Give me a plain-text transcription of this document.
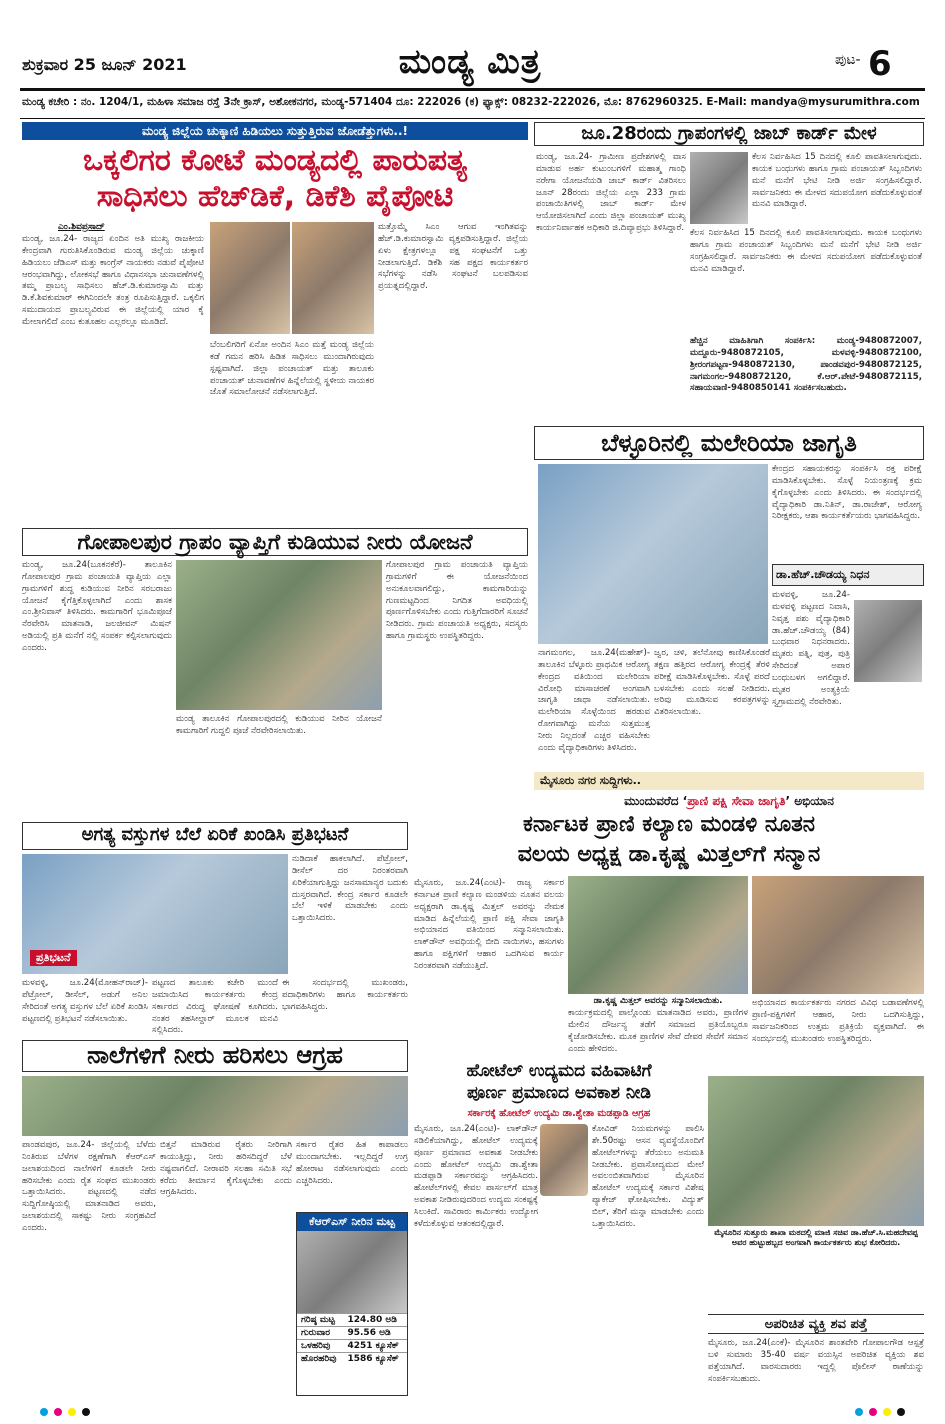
ಶುಕ್ರವಾರ 25 ಜೂನ್ 2021	ಮಂಡ್ಯ ಮಿತ್ರ	ಪುಟ- 6
ಮಂಡ್ಯ ಕಚೇರಿ : ನಂ. 1204/1, ಮಹಿಳಾ ಸಮಾಜ ರಸ್ತೆ 3ನೇ ಕ್ರಾಸ್, ಅಶೋಕನಗರ, ಮಂಡ್ಯ-571404 ದೂ: 222026 (ಕ) ಫ್ಯಾಕ್ಸ್: 08232-222026, ಮೊ: 8762960325. E-Mail: mandya@mysurumithra.com
ಮಂಡ್ಯ ಜಿಲ್ಲೆಯ ಚುಕ್ಕಾಣಿ ಹಿಡಿಯಲು ಸುತ್ತುತ್ತಿರುವ ಜೋಡೆತ್ತುಗಳು..!
ಒಕ್ಕಲಿಗರ ಕೋಟೆ ಮಂಡ್ಯದಲ್ಲಿ ಪಾರುಪತ್ಯ
ಸಾಧಿಸಲು ಹೆಚ್‌ಡಿಕೆ, ಡಿಕೆಶಿ ಪೈಪೋಟಿ
ಎಂ.ಶಿವಪ್ರಸಾದ್
ಮಂಡ್ಯ, ಜೂ.24- ರಾಜ್ಯದ ಏಂದಿನ ಅತಿ ಮುಖ್ಯ ರಾಜಕೀಯ ಕೇಂದ್ರವಾಗಿ ಗುರುತಿಸಿಕೊಂಡಿರುವ ಮಂಡ್ಯ ಜಿಲ್ಲೆಯ ಚುಕ್ಕಾಣಿ ಹಿಡಿಯಲು ಜೆಡಿಎಸ್ ಮತ್ತು ಕಾಂಗ್ರೆಸ್ ನಾಯಕರು ನಡುವೆ ಪೈಪೋಟಿ ಆರಂಭವಾಗಿದ್ದು, ಲೋಕಸಭೆ ಹಾಗೂ ವಿಧಾನಸಭಾ ಚುನಾವಣೆಗಳಲ್ಲಿ ತಮ್ಮ ಪ್ರಾಬಲ್ಯ ಸಾಧಿಸಲು ಹೆಚ್.ಡಿ.ಕುಮಾರಸ್ವಾಮಿ ಮತ್ತು ಡಿ.ಕೆ.ಶಿವಕುಮಾರ್ ಈಗಿನಿಂದಲೇ ತಂತ್ರ ರೂಪಿಸುತ್ತಿದ್ದಾರೆ. ಒಕ್ಕಲಿಗ ಸಮುದಾಯದ ಪ್ರಾಬಲ್ಯವಿರುವ ಈ ಜಿಲ್ಲೆಯಲ್ಲಿ ಯಾರ ಕೈ ಮೇಲಾಗಲಿದೆ ಎಂಬ ಕುತೂಹಲ ಎಲ್ಲರಲ್ಲೂ ಮೂಡಿದೆ.
ಮತ್ತೊಮ್ಮೆ ಸಿಎಂ ಆಗುವ ಇಂಗಿತವನ್ನು ಹೆಚ್.ಡಿ.ಕುಮಾರಸ್ವಾಮಿ ವ್ಯಕ್ತಪಡಿಸುತ್ತಿದ್ದಾರೆ. ಜಿಲ್ಲೆಯ ಏಳು ಕ್ಷೇತ್ರಗಳಲ್ಲೂ ಪಕ್ಷ ಸಂಘಟನೆಗೆ ಒತ್ತು ನೀಡಲಾಗುತ್ತಿದೆ. ಡಿಕೆಶಿ ಸಹ ಪಕ್ಷದ ಕಾರ್ಯಕರ್ತರ ಸಭೆಗಳನ್ನು ನಡೆಸಿ ಸಂಘಟನೆ ಬಲಪಡಿಸುವ ಪ್ರಯತ್ನದಲ್ಲಿದ್ದಾರೆ.
ಬೆಂಬಲಿಗರಿಗೆ ಏನೋ ಅಂದಿನ ಸಿಎಂ ಮತ್ತೆ ಮಂಡ್ಯ ಜಿಲ್ಲೆಯ ಕಡೆ ಗಮನ ಹರಿಸಿ ಹಿಡಿತ ಸಾಧಿಸಲು ಮುಂದಾಗಿರುವುದು ಸ್ಪಷ್ಟವಾಗಿದೆ. ಜಿಲ್ಲಾ ಪಂಚಾಯತ್ ಮತ್ತು ತಾಲೂಕು ಪಂಚಾಯತ್ ಚುನಾವಣೆಗಳ ಹಿನ್ನೆಲೆಯಲ್ಲಿ ಸ್ಥಳೀಯ ನಾಯಕರ ಜೊತೆ ಸಮಾಲೋಚನೆ ನಡೆಸಲಾಗುತ್ತಿದೆ.
ಜೂ.28ರಂದು ಗ್ರಾಪಂಗಳಲ್ಲಿ ಜಾಬ್ ಕಾರ್ಡ್ ಮೇಳ
ಮಂಡ್ಯ, ಜೂ.24- ಗ್ರಾಮೀಣ ಪ್ರದೇಶಗಳಲ್ಲಿ ವಾಸ ಮಾಡುವ ಅರ್ಹ ಕುಟುಂಬಗಳಿಗೆ ಮಹಾತ್ಮ ಗಾಂಧಿ ನರೇಗಾ ಯೋಜನೆಯಡಿ ಜಾಬ್ ಕಾರ್ಡ್ ವಿತರಿಸಲು ಜೂನ್ 28ರಂದು ಜಿಲ್ಲೆಯ ಎಲ್ಲಾ 233 ಗ್ರಾಮ ಪಂಚಾಯಿತಿಗಳಲ್ಲಿ ಜಾಬ್ ಕಾರ್ಡ್ ಮೇಳ ಆಯೋಜಿಸಲಾಗಿದೆ ಎಂದು ಜಿಲ್ಲಾ ಪಂಚಾಯತ್ ಮುಖ್ಯ ಕಾರ್ಯನಿರ್ವಾಹಕ ಅಧಿಕಾರಿ ಜಿ.ದಿವ್ಯಾಪ್ರಭು ತಿಳಿಸಿದ್ದಾರೆ. ಕೆಲಸ ನಿರ್ವಹಿಸಿದ 15 ದಿನದಲ್ಲಿ ಕೂಲಿ ಪಾವತಿಸಲಾಗುವುದು. ಕಾಯಕ ಬಂಧುಗಳು ಹಾಗೂ ಗ್ರಾಮ ಪಂಚಾಯತ್ ಸಿಬ್ಬಂದಿಗಳು ಮನೆ ಮನೆಗೆ ಭೇಟಿ ನೀಡಿ ಅರ್ಜಿ ಸಂಗ್ರಹಿಸಲಿದ್ದಾರೆ. ಸಾರ್ವಜನಿಕರು ಈ ಮೇಳದ ಸದುಪಯೋಗ ಪಡೆದುಕೊಳ್ಳುವಂತೆ ಮನವಿ ಮಾಡಿದ್ದಾರೆ.
ಕೆಲಸ ನಿರ್ವಹಿಸಿದ 15 ದಿನದಲ್ಲಿ ಕೂಲಿ ಪಾವತಿಸಲಾಗುವುದು. ಕಾಯಕ ಬಂಧುಗಳು ಹಾಗೂ ಗ್ರಾಮ ಪಂಚಾಯತ್ ಸಿಬ್ಬಂದಿಗಳು ಮನೆ ಮನೆಗೆ ಭೇಟಿ ನೀಡಿ ಅರ್ಜಿ ಸಂಗ್ರಹಿಸಲಿದ್ದಾರೆ. ಸಾರ್ವಜನಿಕರು ಈ ಮೇಳದ ಸದುಪಯೋಗ ಪಡೆದುಕೊಳ್ಳುವಂತೆ ಮನವಿ ಮಾಡಿದ್ದಾರೆ.
ಹೆಚ್ಚಿನ ಮಾಹಿತಿಗಾಗಿ ಸಂಪರ್ಕಿಸಿ: ಮಂಡ್ಯ-9480872007, ಮದ್ದೂರು-9480872105, ಮಳವಳ್ಳಿ-9480872100, ಶ್ರೀರಂಗಪಟ್ಟಣ-9480872130, ಪಾಂಡವಪುರ-9480872125, ನಾಗಮಂಗಲ-9480872120, ಕೆ.ಆರ್.ಪೇಟೆ-9480872115, ಸಹಾಯವಾಣಿ-9480850141 ಸಂಪರ್ಕಿಸಬಹುದು.
ಬೆಳ್ಳೂರಿನಲ್ಲಿ ಮಲೇರಿಯಾ ಜಾಗೃತಿ
ಕೇಂದ್ರದ ಸಹಾಯಕರನ್ನು ಸಂಪರ್ಕಿಸಿ ರಕ್ತ ಪರೀಕ್ಷೆ ಮಾಡಿಸಿಕೊಳ್ಳಬೇಕು. ಸೊಳ್ಳೆ ನಿಯಂತ್ರಣಕ್ಕೆ ಕ್ರಮ ಕೈಗೊಳ್ಳಬೇಕು ಎಂದು ತಿಳಿಸಿದರು. ಈ ಸಂದರ್ಭದಲ್ಲಿ ವೈದ್ಯಾಧಿಕಾರಿ ಡಾ.ನಿತಿನ್, ಡಾ.ರಾಜೇಶ್, ಆರೋಗ್ಯ ನಿರೀಕ್ಷಕರು, ಆಶಾ ಕಾರ್ಯಕರ್ತೆಯರು ಭಾಗವಹಿಸಿದ್ದರು.
ನಾಗಮಂಗಲ, ಜೂ.24(ಮಹೇಶ್)- ತಾಲೂಕಿನ ಬೆಳ್ಳೂರು ಪ್ರಾಥಮಿಕ ಆರೋಗ್ಯ ಕೇಂದ್ರದ ವತಿಯಿಂದ ಮಲೇರಿಯಾ ವಿರೋಧಿ ಮಾಸಾಚರಣೆ ಅಂಗವಾಗಿ ಜಾಗೃತಿ ಜಾಥಾ ನಡೆಸಲಾಯಿತು. ಮಲೇರಿಯಾ ಸೊಳ್ಳೆಯಿಂದ ಹರಡುವ ರೋಗವಾಗಿದ್ದು ಮನೆಯ ಸುತ್ತಮುತ್ತ ನೀರು ನಿಲ್ಲದಂತೆ ಎಚ್ಚರ ವಹಿಸಬೇಕು ಎಂದು ವೈದ್ಯಾಧಿಕಾರಿಗಳು ತಿಳಿಸಿದರು.
ಜ್ವರ, ಚಳಿ, ತಲೆನೋವು ಕಾಣಿಸಿಕೊಂಡರೆ ತಕ್ಷಣ ಹತ್ತಿರದ ಆರೋಗ್ಯ ಕೇಂದ್ರಕ್ಕೆ ತೆರಳಿ ಪರೀಕ್ಷೆ ಮಾಡಿಸಿಕೊಳ್ಳಬೇಕು. ಸೊಳ್ಳೆ ಪರದೆ ಬಳಸಬೇಕು ಎಂದು ಸಲಹೆ ನೀಡಿದರು. ಅರಿವು ಮೂಡಿಸುವ ಕರಪತ್ರಗಳನ್ನು ವಿತರಿಸಲಾಯಿತು.
ಡಾ.ಹೆಚ್.ಚೌಡಯ್ಯ ನಿಧನ
ಮಳವಳ್ಳಿ, ಜೂ.24- ಮಳವಳ್ಳಿ ಪಟ್ಟಣದ ನಿವಾಸಿ, ನಿವೃತ್ತ ಪಶು ವೈದ್ಯಾಧಿಕಾರಿ ಡಾ.ಹೆಚ್.ಚೌಡಯ್ಯ (84) ಬುಧವಾರ ನಿಧನರಾದರು. ಮೃತರು ಪತ್ನಿ, ಪುತ್ರ, ಪುತ್ರಿ ಸೇರಿದಂತೆ ಅಪಾರ ಬಂಧುಬಳಗ ಅಗಲಿದ್ದಾರೆ. ಮೃತರ ಅಂತ್ಯಕ್ರಿಯೆ ಸ್ವಗ್ರಾಮದಲ್ಲಿ ನೆರವೇರಿತು.
ಗೋಪಾಲಪುರ ಗ್ರಾಪಂ ವ್ಯಾಪ್ತಿಗೆ ಕುಡಿಯುವ ನೀರು ಯೋಜನೆ
ಮಂಡ್ಯ, ಜೂ.24(ಬೂಕನಕೆರೆ)- ತಾಲೂಕಿನ ಗೋಪಾಲಪುರ ಗ್ರಾಮ ಪಂಚಾಯತಿ ವ್ಯಾಪ್ತಿಯ ಎಲ್ಲಾ ಗ್ರಾಮಗಳಿಗೆ ಶುದ್ಧ ಕುಡಿಯುವ ನೀರಿನ ಸರಬರಾಜು ಯೋಜನೆ ಕೈಗೆತ್ತಿಕೊಳ್ಳಲಾಗಿದೆ ಎಂದು ಶಾಸಕ ಎಂ.ಶ್ರೀನಿವಾಸ್ ತಿಳಿಸಿದರು. ಕಾಮಗಾರಿಗೆ ಭೂಮಿಪೂಜೆ ನೆರವೇರಿಸಿ ಮಾತನಾಡಿ, ಜಲಜೀವನ್ ಮಿಷನ್ ಅಡಿಯಲ್ಲಿ ಪ್ರತಿ ಮನೆಗೆ ನಲ್ಲಿ ಸಂಪರ್ಕ ಕಲ್ಪಿಸಲಾಗುವುದು ಎಂದರು.
ಮಂಡ್ಯ ತಾಲೂಕಿನ ಗೋಪಾಲಪುರದಲ್ಲಿ ಕುಡಿಯುವ ನೀರಿನ ಯೋಜನೆ ಕಾಮಗಾರಿಗೆ ಗುದ್ದಲಿ ಪೂಜೆ ನೆರವೇರಿಸಲಾಯಿತು.
ಗೋಪಾಲಪುರ ಗ್ರಾಮ ಪಂಚಾಯತಿ ವ್ಯಾಪ್ತಿಯ ಗ್ರಾಮಗಳಿಗೆ ಈ ಯೋಜನೆಯಿಂದ ಅನುಕೂಲವಾಗಲಿದ್ದು, ಕಾಮಗಾರಿಯನ್ನು ಗುಣಮಟ್ಟದಿಂದ ನಿಗದಿತ ಅವಧಿಯಲ್ಲಿ ಪೂರ್ಣಗೊಳಿಸಬೇಕು ಎಂದು ಗುತ್ತಿಗೆದಾರರಿಗೆ ಸೂಚನೆ ನೀಡಿದರು. ಗ್ರಾಮ ಪಂಚಾಯತಿ ಅಧ್ಯಕ್ಷರು, ಸದಸ್ಯರು ಹಾಗೂ ಗ್ರಾಮಸ್ಥರು ಉಪಸ್ಥಿತರಿದ್ದರು.
ಮೈಸೂರು ನಗರ ಸುದ್ದಿಗಳು..
ಮುಂದುವರೆದ ‘ಪ್ರಾಣಿ ಪಕ್ಷಿ ಸೇವಾ ಜಾಗೃತಿ’ ಅಭಿಯಾನ
ಕರ್ನಾಟಕ ಪ್ರಾಣಿ ಕಲ್ಯಾಣ ಮಂಡಳಿ ನೂತನ
ವಲಯ ಅಧ್ಯಕ್ಷ ಡಾ.ಕೃಷ್ಣ ಮಿತ್ತಲ್‌ಗೆ ಸನ್ಮಾನ
ಮೈಸೂರು, ಜೂ.24(ಎಂಟಿ)- ರಾಜ್ಯ ಸರ್ಕಾರ ಕರ್ನಾಟಕ ಪ್ರಾಣಿ ಕಲ್ಯಾಣ ಮಂಡಳಿಯ ನೂತನ ವಲಯ ಅಧ್ಯಕ್ಷರಾಗಿ ಡಾ.ಕೃಷ್ಣ ಮಿತ್ತಲ್ ಅವರನ್ನು ನೇಮಕ ಮಾಡಿದ ಹಿನ್ನೆಲೆಯಲ್ಲಿ ಪ್ರಾಣಿ ಪಕ್ಷಿ ಸೇವಾ ಜಾಗೃತಿ ಅಭಿಯಾನದ ವತಿಯಿಂದ ಸನ್ಮಾನಿಸಲಾಯಿತು. ಲಾಕ್‌ಡೌನ್ ಅವಧಿಯಲ್ಲಿ ಬೀದಿ ನಾಯಿಗಳು, ಹಸುಗಳು ಹಾಗೂ ಪಕ್ಷಿಗಳಿಗೆ ಆಹಾರ ಒದಗಿಸುವ ಕಾರ್ಯ ನಿರಂತರವಾಗಿ ನಡೆಯುತ್ತಿದೆ.
ಡಾ.ಕೃಷ್ಣ ಮಿತ್ತಲ್ ಅವರನ್ನು ಸನ್ಮಾನಿಸಲಾಯಿತು.
ಕಾರ್ಯಕ್ರಮದಲ್ಲಿ ಪಾಲ್ಗೊಂಡು ಮಾತನಾಡಿದ ಅವರು, ಪ್ರಾಣಿಗಳ ಮೇಲಿನ ದೌರ್ಜನ್ಯ ತಡೆಗೆ ಸಮಾಜದ ಪ್ರತಿಯೊಬ್ಬರೂ ಕೈಜೋಡಿಸಬೇಕು. ಮೂಕ ಪ್ರಾಣಿಗಳ ಸೇವೆ ದೇವರ ಸೇವೆಗೆ ಸಮಾನ ಎಂದು ಹೇಳಿದರು.
ಅಭಿಯಾನದ ಕಾರ್ಯಕರ್ತರು ನಗರದ ವಿವಿಧ ಬಡಾವಣೆಗಳಲ್ಲಿ ಪ್ರಾಣಿ-ಪಕ್ಷಿಗಳಿಗೆ ಆಹಾರ, ನೀರು ಒದಗಿಸುತ್ತಿದ್ದು, ಸಾರ್ವಜನಿಕರಿಂದ ಉತ್ತಮ ಪ್ರತಿಕ್ರಿಯೆ ವ್ಯಕ್ತವಾಗಿದೆ. ಈ ಸಂದರ್ಭದಲ್ಲಿ ಮುಖಂಡರು ಉಪಸ್ಥಿತರಿದ್ದರು.
ಅಗತ್ಯ ವಸ್ತುಗಳ ಬೆಲೆ ಏರಿಕೆ ಖಂಡಿಸಿ ಪ್ರತಿಭಟನೆ
ಪ್ರತಿಭಟನೆ
ನುಡಿದಾಕೆ ಹಾಕಲಾಗಿದೆ. ಪೆಟ್ರೋಲ್, ಡೀಸೆಲ್ ದರ ನಿರಂತರವಾಗಿ ಏರಿಕೆಯಾಗುತ್ತಿದ್ದು ಜನಸಾಮಾನ್ಯರ ಬದುಕು ದುಸ್ತರವಾಗಿದೆ. ಕೇಂದ್ರ ಸರ್ಕಾರ ಕೂಡಲೇ ಬೆಲೆ ಇಳಿಕೆ ಮಾಡಬೇಕು ಎಂದು ಒತ್ತಾಯಿಸಿದರು.
ಮಳವಳ್ಳಿ, ಜೂ.24(ಮೋಹನ್‌ರಾಜ್)- ಪೆಟ್ರೋಲ್, ಡೀಸೆಲ್, ಅಡುಗೆ ಅನಿಲ ಸೇರಿದಂತೆ ಅಗತ್ಯ ವಸ್ತುಗಳ ಬೆಲೆ ಏರಿಕೆ ಖಂಡಿಸಿ ಪಟ್ಟಣದಲ್ಲಿ ಪ್ರತಿಭಟನೆ ನಡೆಸಲಾಯಿತು.
ಪಟ್ಟಣದ ತಾಲೂಕು ಕಚೇರಿ ಮುಂದೆ ಜಮಾಯಿಸಿದ ಕಾರ್ಯಕರ್ತರು ಕೇಂದ್ರ ಸರ್ಕಾರದ ವಿರುದ್ಧ ಘೋಷಣೆ ಕೂಗಿದರು. ನಂತರ ತಹಸೀಲ್ದಾರ್ ಮೂಲಕ ಮನವಿ ಸಲ್ಲಿಸಿದರು.
ಈ ಸಂದರ್ಭದಲ್ಲಿ ಮುಖಂಡರು, ಪದಾಧಿಕಾರಿಗಳು ಹಾಗೂ ಕಾರ್ಯಕರ್ತರು ಭಾಗವಹಿಸಿದ್ದರು.
ನಾಲೆಗಳಿಗೆ ನೀರು ಹರಿಸಲು ಆಗ್ರಹ
ಪಾಂಡವಪುರ, ಜೂ.24- ಜಿಲ್ಲೆಯಲ್ಲಿ ಬೆಳೆದು ನಿಂತಿರುವ ಬೆಳೆಗಳ ರಕ್ಷಣೆಗಾಗಿ ಕೆಆರ್‌ಎಸ್ ಜಲಾಶಯದಿಂದ ನಾಲೆಗಳಿಗೆ ಕೂಡಲೇ ನೀರು ಹರಿಸಬೇಕು ಎಂದು ರೈತ ಸಂಘದ ಮುಖಂಡರು ಒತ್ತಾಯಿಸಿದರು. ಪಟ್ಟಣದಲ್ಲಿ ನಡೆದ ಸುದ್ದಿಗೋಷ್ಠಿಯಲ್ಲಿ ಮಾತನಾಡಿದ ಅವರು, ಜಲಾಶಯದಲ್ಲಿ ಸಾಕಷ್ಟು ನೀರು ಸಂಗ್ರಹವಿದೆ ಎಂದರು.
ಬಿತ್ತನೆ ಮಾಡಿರುವ ರೈತರು ನೀರಿಗಾಗಿ ಕಾಯುತ್ತಿದ್ದು, ನೀರು ಹರಿಸದಿದ್ದರೆ ಬೆಳೆ ನಷ್ಟವಾಗಲಿದೆ. ನೀರಾವರಿ ಸಲಹಾ ಸಮಿತಿ ಸಭೆ ಕರೆದು ತೀರ್ಮಾನ ಕೈಗೊಳ್ಳಬೇಕು ಎಂದು ಆಗ್ರಹಿಸಿದರು.
ಸರ್ಕಾರ ರೈತರ ಹಿತ ಕಾಪಾಡಲು ಮುಂದಾಗಬೇಕು. ಇಲ್ಲದಿದ್ದರೆ ಉಗ್ರ ಹೋರಾಟ ನಡೆಸಲಾಗುವುದು ಎಂದು ಎಚ್ಚರಿಸಿದರು.
ಕೆಆರ್‌ಎಸ್ ನೀರಿನ ಮಟ್ಟ
ಗರಿಷ್ಠ ಮಟ್ಟ	124.80 ಅಡಿ
ಗುರುವಾರ	95.56 ಅಡಿ
ಒಳಹರಿವು	4251 ಕ್ಯೂಸೆಕ್
ಹೊರಹರಿವು	1586 ಕ್ಯೂಸೆಕ್
ಹೋಟೆಲ್ ಉದ್ಯಮದ ವಹಿವಾಟಿಗೆ
ಪೂರ್ಣ ಪ್ರಮಾಣದ ಅವಕಾಶ ನೀಡಿ
ಸರ್ಕಾರಕ್ಕೆ ಹೋಟೆಲ್ ಉದ್ಯಮಿ ಡಾ.ಶ್ವೇತಾ ಮಡಪ್ಪಾಡಿ ಆಗ್ರಹ
ಮೈಸೂರು, ಜೂ.24(ಎಂಟಿ)- ಲಾಕ್‌ಡೌನ್ ಸಡಿಲಿಕೆಯಾಗಿದ್ದು, ಹೋಟೆಲ್ ಉದ್ಯಮಕ್ಕೆ ಪೂರ್ಣ ಪ್ರಮಾಣದ ಅವಕಾಶ ನೀಡಬೇಕು ಎಂದು ಹೋಟೆಲ್ ಉದ್ಯಮಿ ಡಾ.ಶ್ವೇತಾ ಮಡಪ್ಪಾಡಿ ಸರ್ಕಾರವನ್ನು ಆಗ್ರಹಿಸಿದರು. ಹೋಟೆಲ್‌ಗಳಲ್ಲಿ ಕೇವಲ ಪಾರ್ಸಲ್‌ಗೆ ಮಾತ್ರ ಅವಕಾಶ ನೀಡಿರುವುದರಿಂದ ಉದ್ಯಮ ಸಂಕಷ್ಟಕ್ಕೆ ಸಿಲುಕಿದೆ. ಸಾವಿರಾರು ಕಾರ್ಮಿಕರು ಉದ್ಯೋಗ ಕಳೆದುಕೊಳ್ಳುವ ಆತಂಕದಲ್ಲಿದ್ದಾರೆ.
ಕೋವಿಡ್ ನಿಯಮಗಳನ್ನು ಪಾಲಿಸಿ ಶೇ.50ರಷ್ಟು ಆಸನ ವ್ಯವಸ್ಥೆಯೊಂದಿಗೆ ಹೋಟೆಲ್‌ಗಳನ್ನು ತೆರೆಯಲು ಅನುಮತಿ ನೀಡಬೇಕು. ಪ್ರವಾಸೋದ್ಯಮದ ಮೇಲೆ ಅವಲಂಬಿತವಾಗಿರುವ ಮೈಸೂರಿನ ಹೋಟೆಲ್ ಉದ್ಯಮಕ್ಕೆ ಸರ್ಕಾರ ವಿಶೇಷ ಪ್ಯಾಕೇಜ್ ಘೋಷಿಸಬೇಕು. ವಿದ್ಯುತ್ ಬಿಲ್, ತೆರಿಗೆ ಮನ್ನಾ ಮಾಡಬೇಕು ಎಂದು ಒತ್ತಾಯಿಸಿದರು.
ಮೈಸೂರಿನ ಸುತ್ತೂರು ಶಾಖಾ ಮಠದಲ್ಲಿ ಮಾಜಿ ಸಚಿವ ಡಾ.ಹೆಚ್.ಸಿ.ಮಹದೇವಪ್ಪ ಅವರ ಹುಟ್ಟುಹಬ್ಬದ ಅಂಗವಾಗಿ ಕಾರ್ಯಕರ್ತರು ಶುಭ ಕೋರಿದರು.
ಅಪರಿಚಿತ ವ್ಯಕ್ತಿ ಶವ ಪತ್ತೆ
ಮೈಸೂರು, ಜೂ.24(ಎಂಕೆ)- ಮೈಸೂರಿನ ಶಾಂತವೇರಿ ಗೋಪಾಲಗೌಡ ಆಸ್ಪತ್ರೆ ಬಳಿ ಸುಮಾರು 35-40 ವರ್ಷ ವಯಸ್ಸಿನ ಅಪರಿಚಿತ ವ್ಯಕ್ತಿಯ ಶವ ಪತ್ತೆಯಾಗಿದೆ. ವಾರಸುದಾರರು ಇದ್ದಲ್ಲಿ ಪೊಲೀಸ್ ಠಾಣೆಯನ್ನು ಸಂಪರ್ಕಿಸಬಹುದು.
